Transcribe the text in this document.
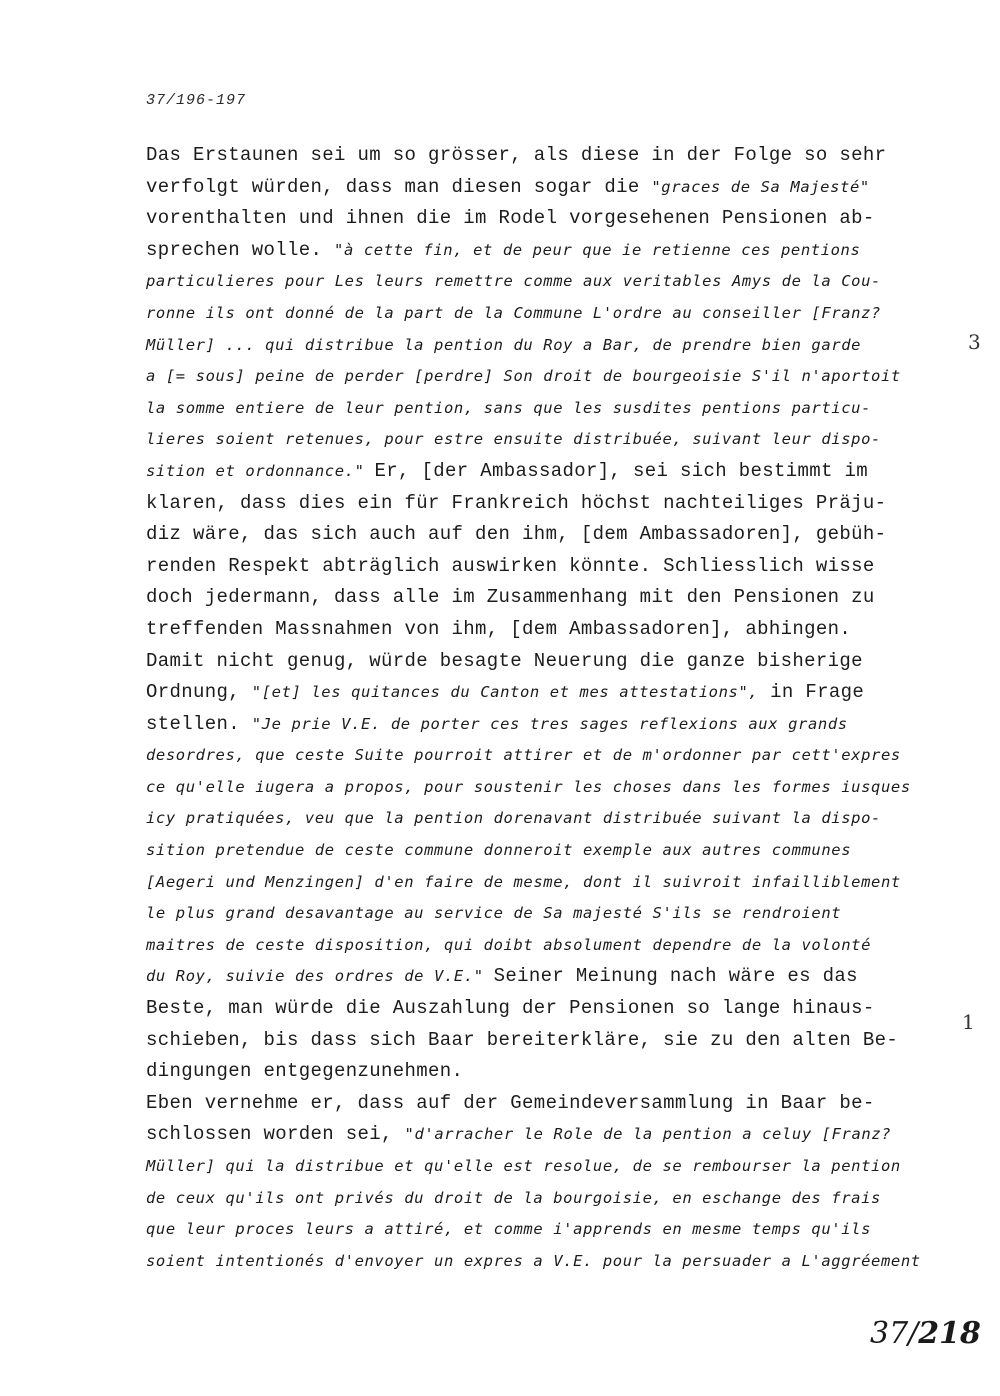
37/196-197
Das Erstaunen sei um so grösser, als diese in der Folge so sehr
verfolgt würden, dass man diesen sogar die "graces de Sa Majesté"
vorenthalten und ihnen die im Rodel vorgesehenen Pensionen ab-
sprechen wolle. "à cette fin, et de peur que ie retienne ces pentions
particulieres pour Les leurs remettre comme aux veritables Amys de la Cou-
ronne ils ont donné de la part de la Commune L'ordre au conseiller [Franz?
Müller] ... qui distribue la pention du Roy a Bar, de prendre bien garde
a [= sous] peine de perder [perdre] Son droit de bourgeoisie S'il n'aportoit
la somme entiere de leur pention, sans que les susdites pentions particu-
lieres soient retenues, pour estre ensuite distribuée, suivant leur dispo-
sition et ordonnance." Er, [der Ambassador], sei sich bestimmt im
klaren, dass dies ein für Frankreich höchst nachteiliges Präju-
diz wäre, das sich auch auf den ihm, [dem Ambassadoren], gebüh-
renden Respekt abträglich auswirken könnte. Schliesslich wisse
doch jedermann, dass alle im Zusammenhang mit den Pensionen zu
treffenden Massnahmen von ihm, [dem Ambassadoren], abhingen.
Damit nicht genug, würde besagte Neuerung die ganze bisherige
Ordnung, "[et] les quitances du Canton et mes attestations", in Frage
stellen. "Je prie V.E. de porter ces tres sages reflexions aux grands
desordres, que ceste Suite pourroit attirer et de m'ordonner par cett'expres
ce qu'elle iugera a propos, pour soustenir les choses dans les formes iusques
icy pratiquées, veu que la pention dorenavant distribuée suivant la dispo-
sition pretendue de ceste commune donneroit exemple aux autres communes
[Aegeri und Menzingen] d'en faire de mesme, dont il suivroit infailliblement
le plus grand desavantage au service de Sa majesté S'ils se rendroient
maitres de ceste disposition, qui doibt absolument dependre de la volonté
du Roy, suivie des ordres de V.E." Seiner Meinung nach wäre es das
Beste, man würde die Auszahlung der Pensionen so lange hinaus-
schieben, bis dass sich Baar bereiterkläre, sie zu den alten Be-
dingungen entgegenzunehmen.
Eben vernehme er, dass auf der Gemeindeversammlung in Baar be-
schlossen worden sei, "d'arracher le Role de la pention a celuy [Franz?
Müller] qui la distribue et qu'elle est resolue, de se rembourser la pention
de ceux qu'ils ont privés du droit de la bourgoisie, en eschange des frais
que leur proces leurs a attiré, et comme i'apprends en mesme temps qu'ils
soient intentionés d'envoyer un expres a V.E. pour la persuader a L'aggréement
3
1
37/218
